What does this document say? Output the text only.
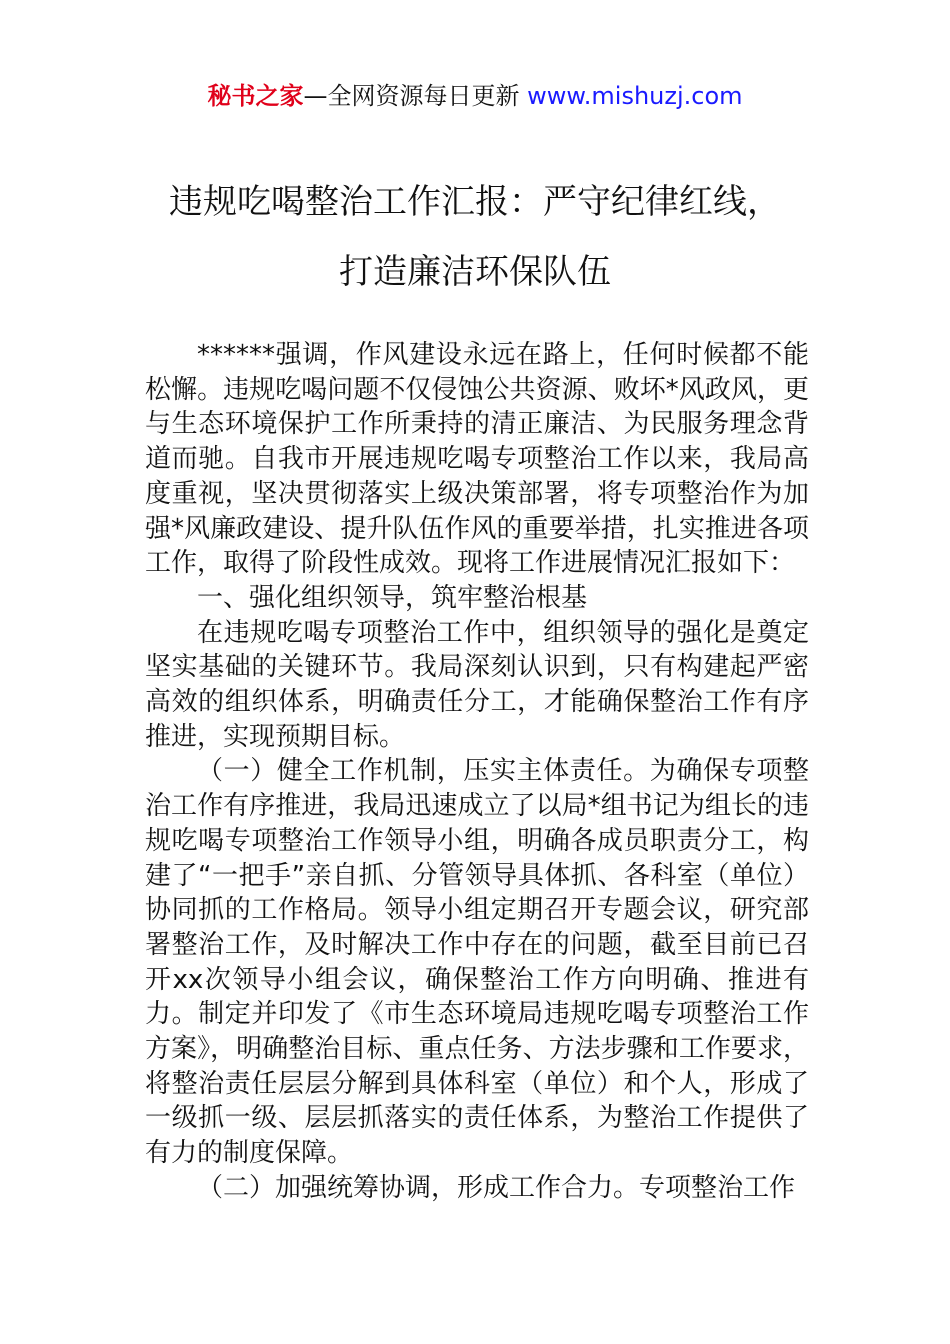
秘书之家—全网资源每日更新 www.mishuzj.com
违规吃喝整治工作汇报：严守纪律红线，
打造廉洁环保队伍

******强调，作风建设永远在路上，任何时候都不能松懈。违规吃喝问题不仅侵蚀公共资源、败坏*风政风，更与生态环境保护工作所秉持的清正廉洁、为民服务理念背道而驰。自我市开展违规吃喝专项整治工作以来，我局高度重视，坚决贯彻落实上级决策部署，将专项整治作为加强*风廉政建设、提升队伍作风的重要举措，扎实推进各项工作，取得了阶段性成效。现将工作进展情况汇报如下：

一、强化组织领导，筑牢整治根基

在违规吃喝专项整治工作中，组织领导的强化是奠定坚实基础的关键环节。我局深刻认识到，只有构建起严密高效的组织体系，明确责任分工，才能确保整治工作有序推进，实现预期目标。

（一）健全工作机制，压实主体责任。为确保专项整治工作有序推进，我局迅速成立了以局*组书记为组长的违规吃喝专项整治工作领导小组，明确各成员职责分工，构建了“一把手”亲自抓、分管领导具体抓、各科室（单位）协同抓的工作格局。领导小组定期召开专题会议，研究部署整治工作，及时解决工作中存在的问题，截至目前已召开xx次领导小组会议，确保整治工作方向明确、推进有力。制定并印发了《市生态环境局违规吃喝专项整治工作方案》，明确整治目标、重点任务、方法步骤和工作要求，将整治责任层层分解到具体科室（单位）和个人，形成了一级抓一级、层层抓落实的责任体系，为整治工作提供了有力的制度保障。

（二）加强统筹协调，形成工作合力。专项整治工作
